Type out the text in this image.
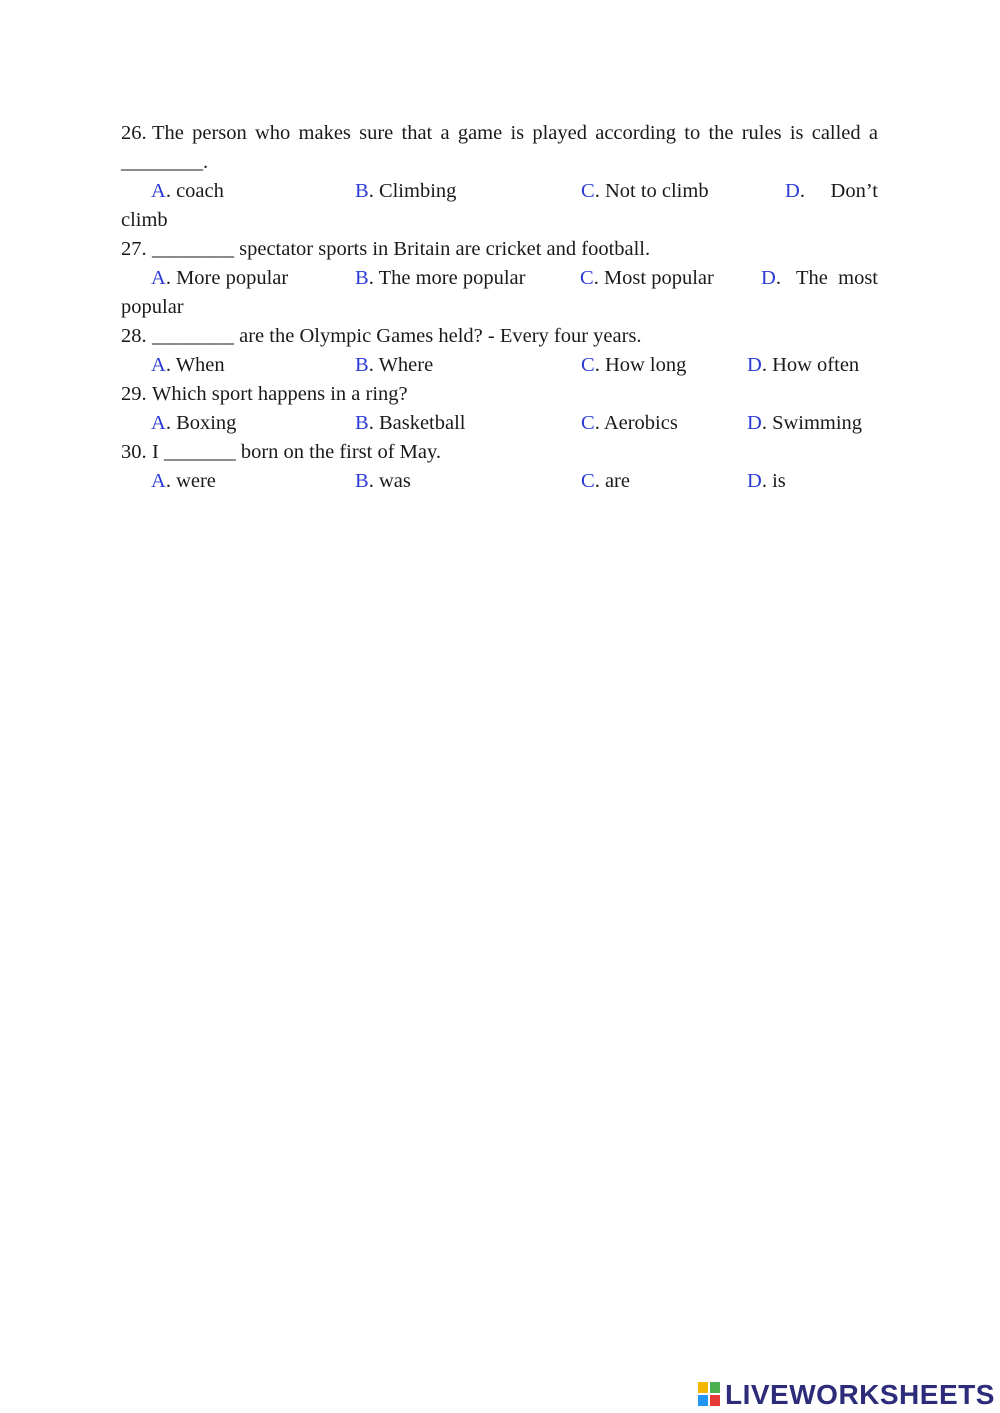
26. The person who makes sure that a game is played according to the rules is called a
________.
A. coach	B. Climbing	C. Not to climb	D. Don’t
climb
27. ________ spectator sports in Britain are cricket and football.
A. More popular	B. The more popular	C. Most popular D. The  most
popular
28. ________ are the Olympic Games held? - Every four years.
A. When	B. Where	C. How long	D. How often
29. Which sport happens in a ring?
A. Boxing	B. Basketball	C. Aerobics	D. Swimming
30. I _______ born on the first of May.
A. were	B. was	C. are	D. is
LIVEWORKSHEETS
